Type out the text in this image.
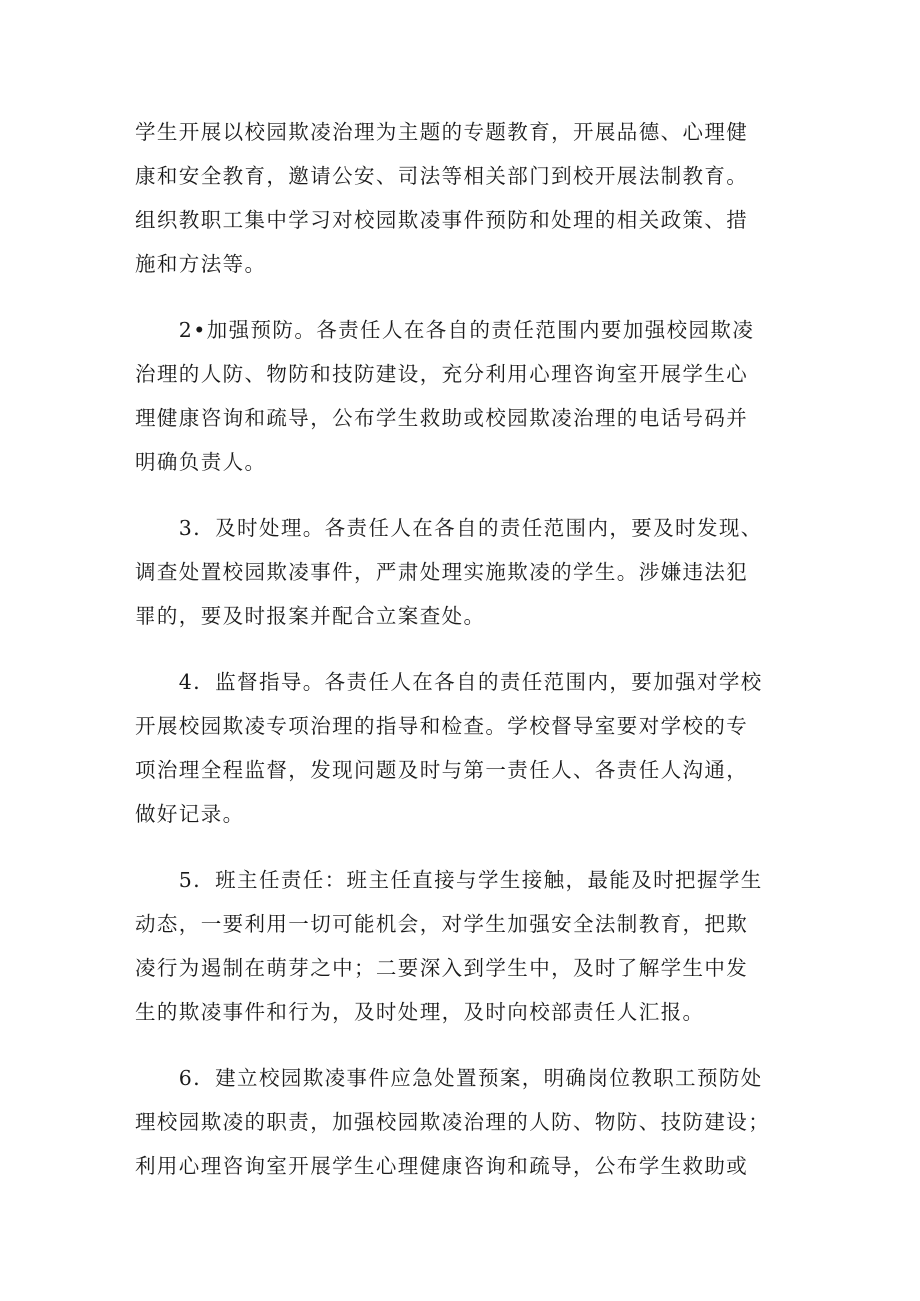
学生开展以校园欺凌治理为主题的专题教育，开展品德、心理健
康和安全教育，邀请公安、司法等相关部门到校开展法制教育。
组织教职工集中学习对校园欺凌事件预防和处理的相关政策、措
施和方法等。
　　2•加强预防。各责任人在各自的责任范围内要加强校园欺凌
治理的人防、物防和技防建设，充分利用心理咨询室开展学生心
理健康咨询和疏导，公布学生救助或校园欺凌治理的电话号码并
明确负责人。
　　3．及时处理。各责任人在各自的责任范围内，要及时发现、
调查处置校园欺凌事件，严肃处理实施欺凌的学生。涉嫌违法犯
罪的，要及时报案并配合立案查处。
　　4．监督指导。各责任人在各自的责任范围内，要加强对学校
开展校园欺凌专项治理的指导和检查。学校督导室要对学校的专
项治理全程监督，发现问题及时与第一责任人、各责任人沟通，
做好记录。
　　5．班主任责任：班主任直接与学生接触，最能及时把握学生
动态，一要利用一切可能机会，对学生加强安全法制教育，把欺
凌行为遏制在萌芽之中；二要深入到学生中，及时了解学生中发
生的欺凌事件和行为，及时处理，及时向校部责任人汇报。
　　6．建立校园欺凌事件应急处置预案，明确岗位教职工预防处
理校园欺凌的职责，加强校园欺凌治理的人防、物防、技防建设；
利用心理咨询室开展学生心理健康咨询和疏导，公布学生救助或
